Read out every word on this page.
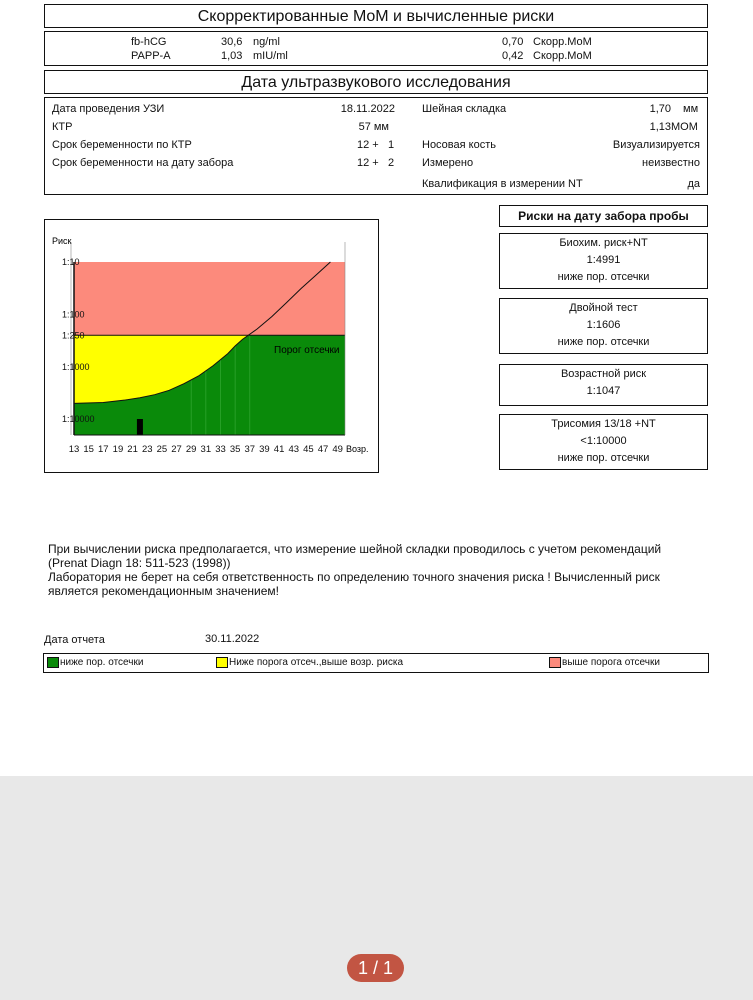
Скорректированные MoM и вычисленные риски
fb-hCG	30,6 ng/ml	0,70 Скорр.MoM
PAPP-A	1,03 mIU/ml	0,42 Скорр.MoM
Дата ультразвукового исследования
Дата проведения УЗИ	18.11.2022
КТР	57 мм
Срок беременности по КТР	12 + 1
Срок беременности на дату забора	12 + 2
Шейная складка	1,70 мм
1,13 MOM
Носовая кость	Визуализируется
Измерено	неизвестно
Квалификация в измерении NT	да
1:10
1:100
1:250
1:1000
1:10000
13 15 17 19 21 23 25 27 29 31 33 35 37 39 41 43 45 47 49
Риск
Возр.
Порог отсечки
Риски на дату забора пробы
Биохим. риск+NT
1:4991
ниже пор. отсечки
Двойной тест
1:1606
ниже пор. отсечки
Возрастной риск
1:1047
Трисомия 13/18 +NT
<1:10000
ниже пор. отсечки
При вычислении риска предполагается, что измерение шейной складки проводилось с учетом рекомендаций
(Prenat Diagn 18: 511-523 (1998))
Лаборатория не берет на себя ответственность по определению точного значения риска ! Вычисленный риск
является рекомендационным значением!
Дата отчета	30.11.2022
ниже пор. отсечки	Ниже порога отсеч.,выше возр. риска	выше порога отсечки
1 / 1
